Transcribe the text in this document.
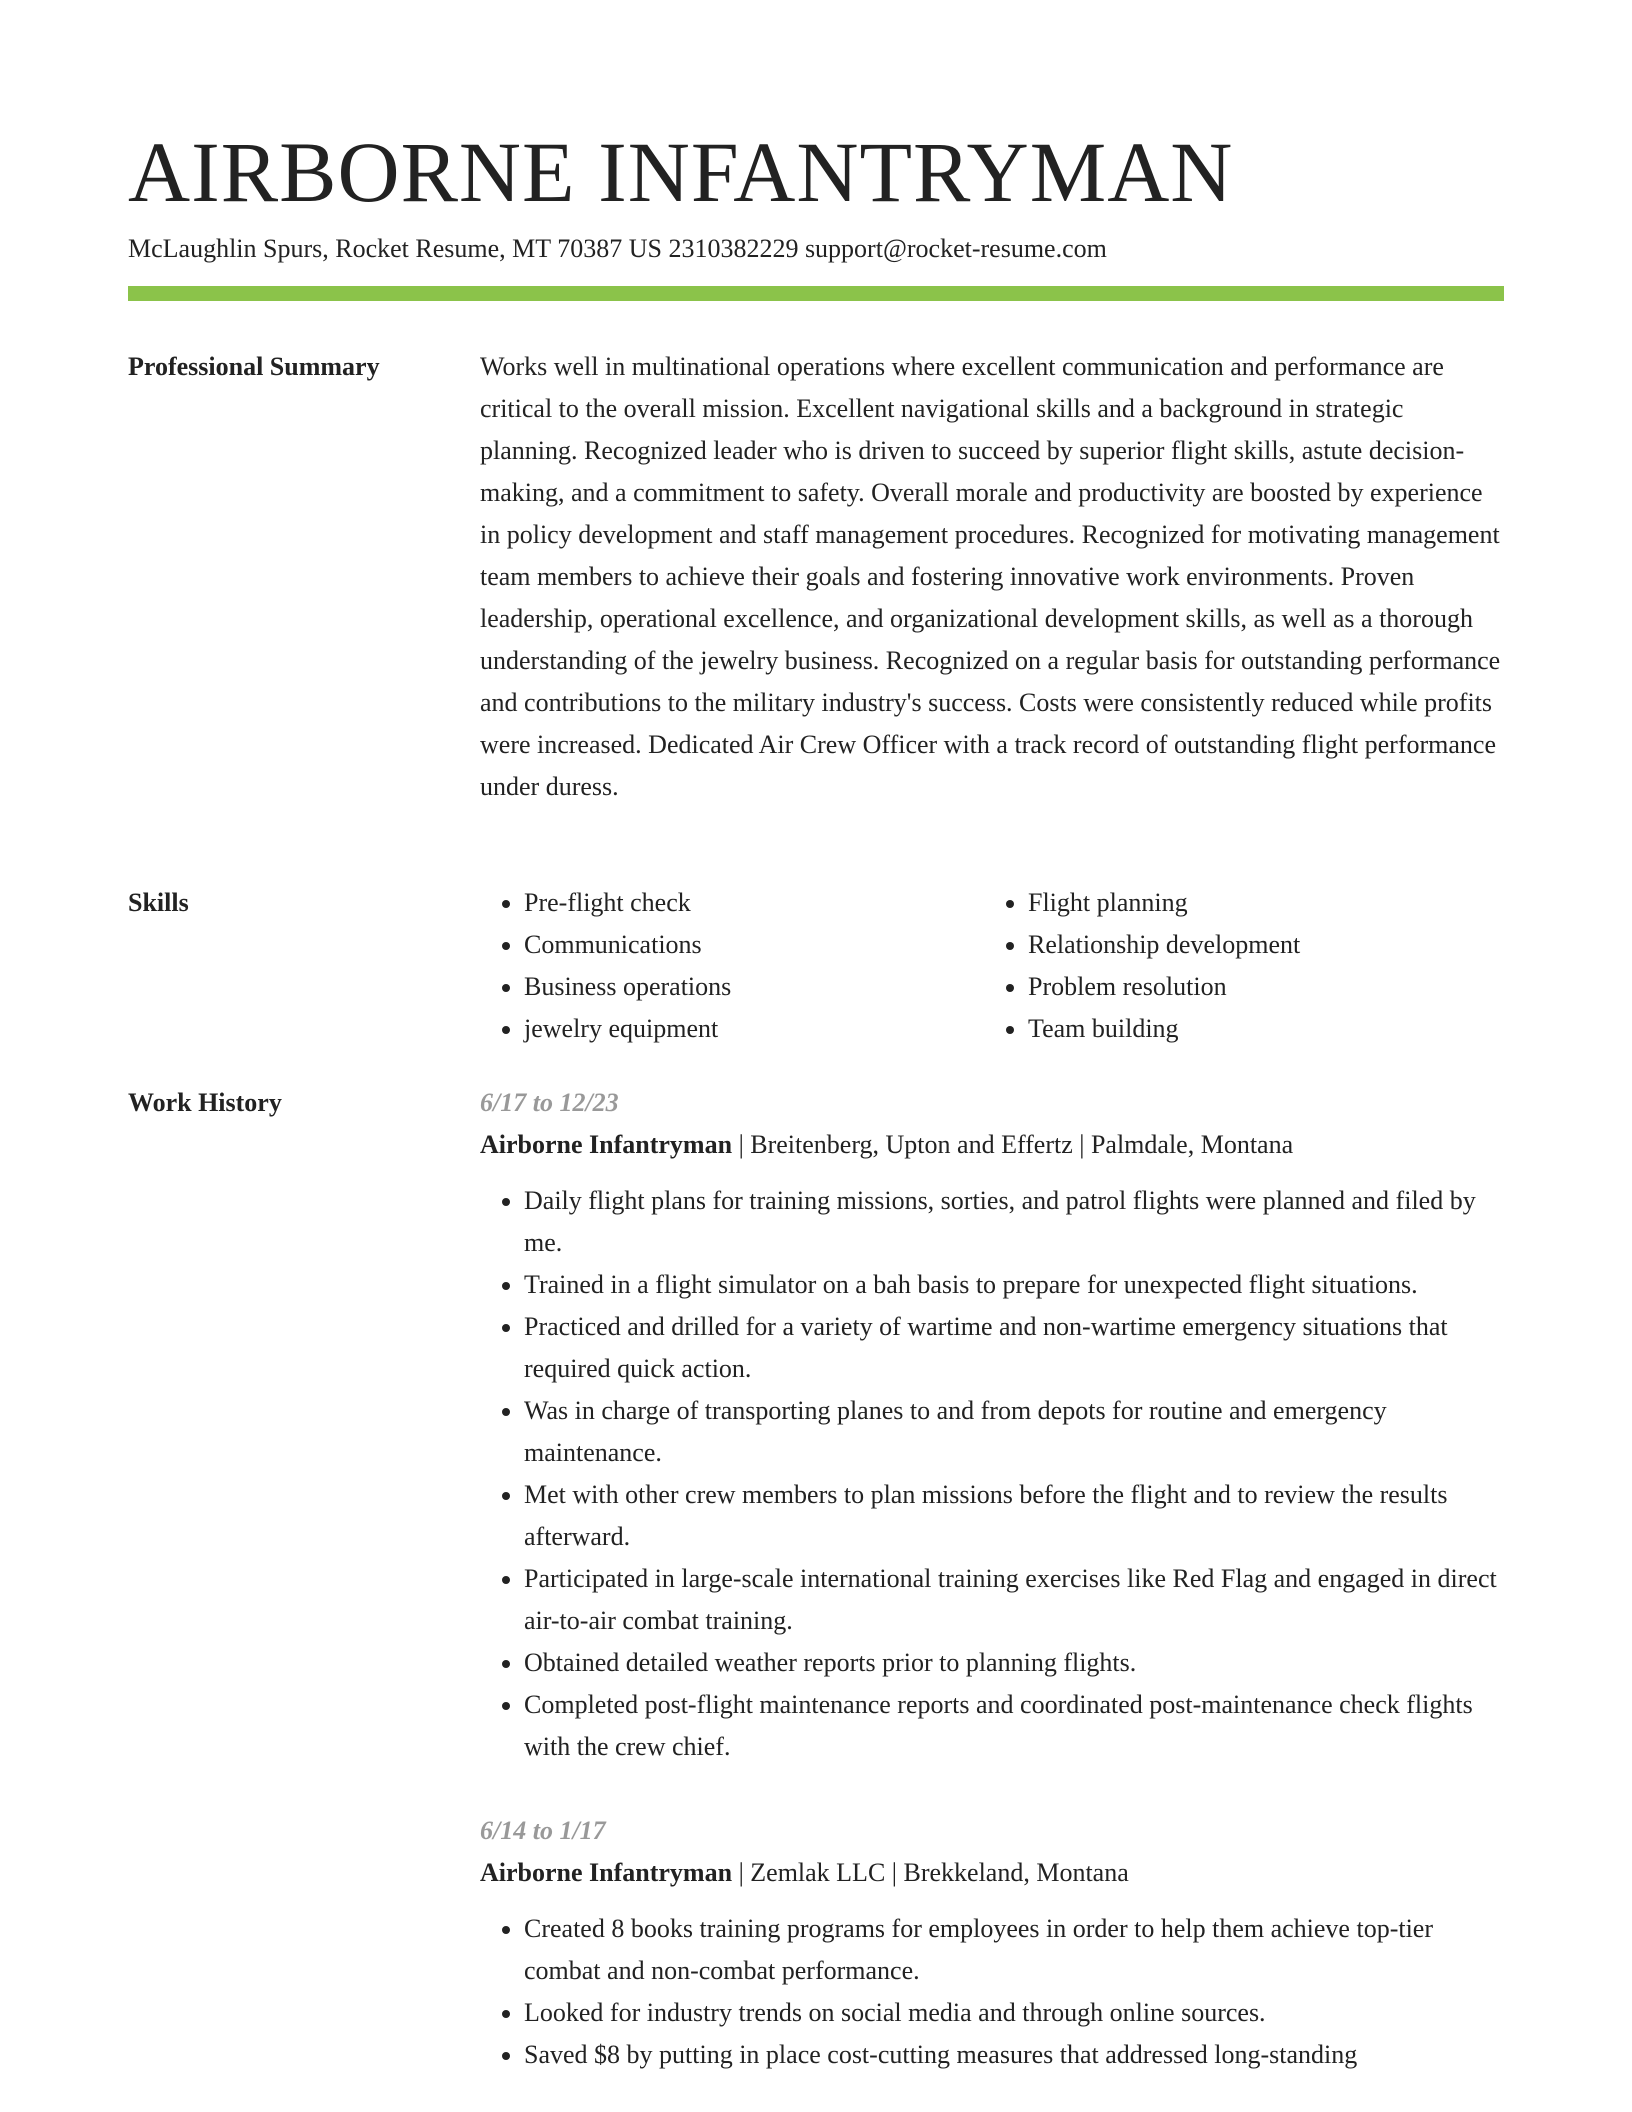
AIRBORNE INFANTRYMAN
McLaughlin Spurs, Rocket Resume, MT 70387 US 2310382229 support@rocket-resume.com
Professional Summary	Works well in multinational operations where excellent communication and performance are critical to the overall mission. Excellent navigational skills and a background in strategic planning. Recognized leader who is driven to succeed by superior flight skills, astute decision-making, and a commitment to safety. Overall morale and productivity are boosted by experience in policy development and staff management procedures. Recognized for motivating management team members to achieve their goals and fostering innovative work environments. Proven leadership, operational excellence, and organizational development skills, as well as a thorough understanding of the jewelry business. Recognized on a regular basis for outstanding performance and contributions to the military industry's success. Costs were consistently reduced while profits were increased. Dedicated Air Crew Officer with a track record of outstanding flight performance under duress.

Skills
•	Pre-flight check
• Communications
• Business operations
• jewelry equipment
• Flight planning
• Relationship development
• Problem resolution
• Team building
Work History	6/17 to 12/23
Airborne Infantryman | Breitenberg, Upton and Effertz | Palmdale, Montana
• Daily flight plans for training missions, sorties, and patrol flights were planned and filed by me.
• Trained in a flight simulator on a bah basis to prepare for unexpected flight situations.
• Practiced and drilled for a variety of wartime and non-wartime emergency situations that required quick action.
• Was in charge of transporting planes to and from depots for routine and emergency maintenance.
• Met with other crew members to plan missions before the flight and to review the results afterward.
• Participated in large-scale international training exercises like Red Flag and engaged in direct air-to-air combat training.
• Obtained detailed weather reports prior to planning flights.
• Completed post-flight maintenance reports and coordinated post-maintenance check flights with the crew chief.
6/14 to 1/17
Airborne Infantryman | Zemlak LLC | Brekkeland, Montana
• Created 8 books training programs for employees in order to help them achieve top-tier combat and non-combat performance.
• Looked for industry trends on social media and through online sources.
• Saved $8 by putting in place cost-cutting measures that addressed long-standing
